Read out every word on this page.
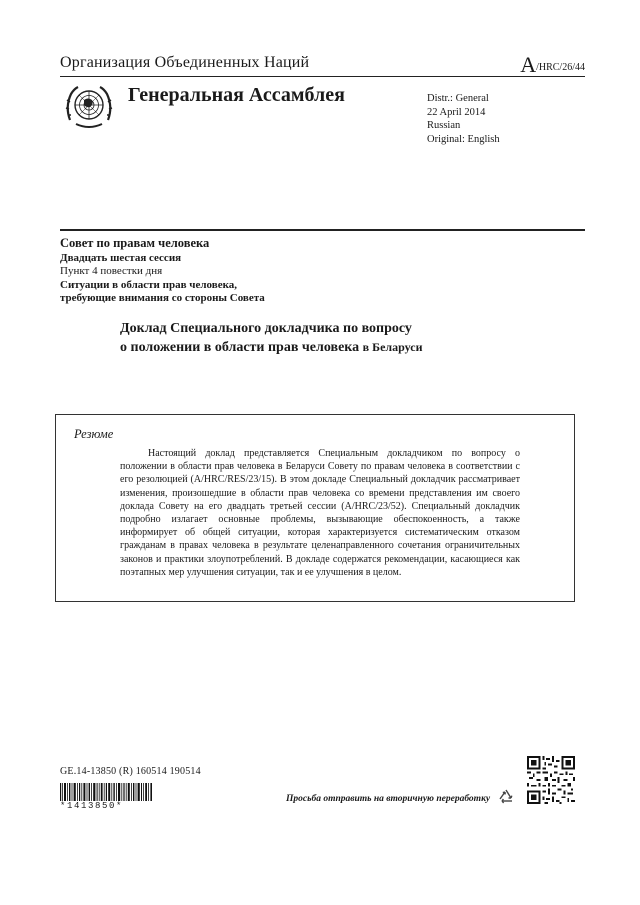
Организация Объединенных Наций	A/HRC/26/44
Генеральная Ассамблея	Distr.: General
22 April 2014
Russian
Original: English
Совет по правам человека
Двадцать шестая сессия
Пункт 4 повестки дня
Ситуации в области прав человека,
требующие внимания со стороны Совета
Доклад Специального докладчика по вопросу
о положении в области прав человека в Беларуси
Резюме
Настоящий доклад представляется Специальным докладчиком по вопросу о положении в области прав человека в Беларуси Совету по правам человека в соответствии с его резолюцией (A/HRC/RES/23/15). В этом докладе Специальный докладчик рассматривает изменения, произошедшие в области прав человека со времени представления им своего доклада Совету на его двадцать третьей сессии (A/HRC/23/52). Специальный докладчик подробно излагает основные проблемы, вызывающие обеспокоенность, а также информирует об общей ситуации, которая характеризуется систематическим отказом гражданам в правах человека в результате целенаправленного сочетания ограничительных законов и практики злоупотреблений. В докладе содержатся рекомендации, касающиеся как поэтапных мер улучшения ситуации, так и ее улучшения в целом.
GE.14-13850 (R) 160514 190514
*1413850*
Просьба отправить на вторичную переработку
